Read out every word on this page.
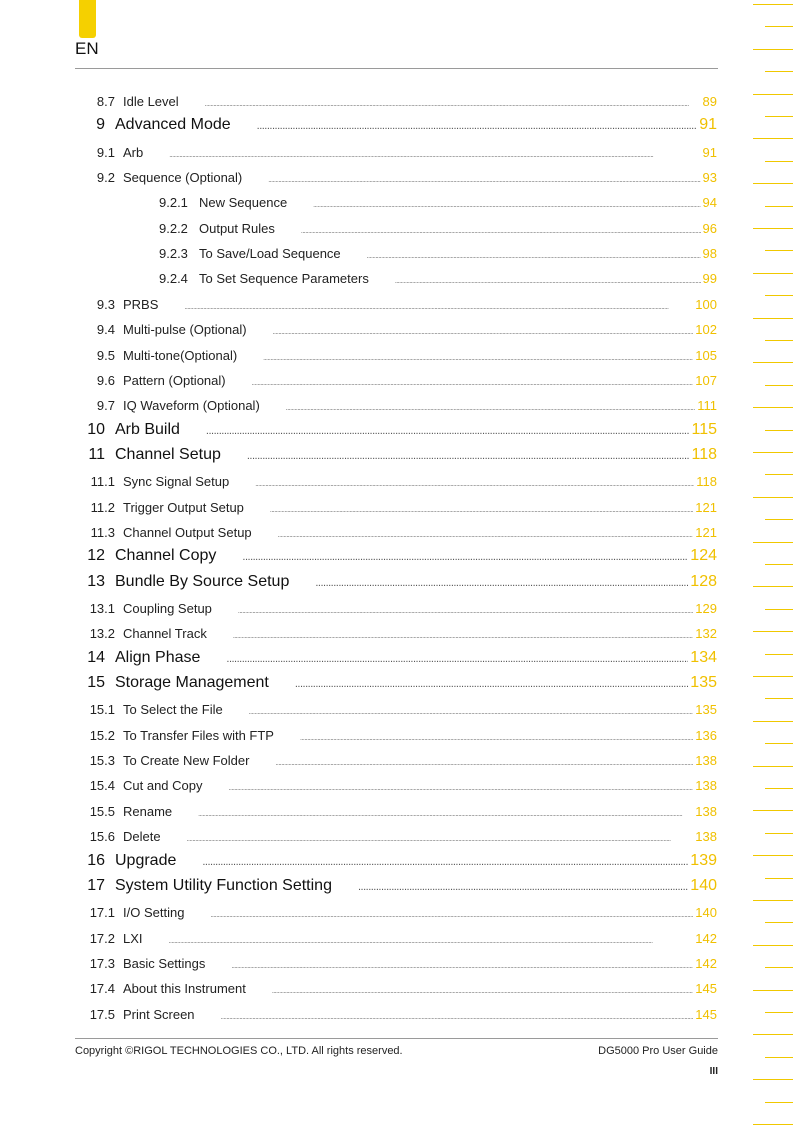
EN
8.7 Idle Level .....	89
9 Advanced Mode .....	91
9.1 Arb .....	91
9.2 Sequence (Optional) .....	93
9.2.1 New Sequence .....	94
9.2.2 Output Rules .....	96
9.2.3 To Save/Load Sequence .....	98
9.2.4 To Set Sequence Parameters .....	99
9.3 PRBS .....	100
9.4 Multi-pulse (Optional) .....	102
9.5 Multi-tone(Optional) .....	105
9.6 Pattern (Optional) .....	107
9.7 IQ Waveform (Optional) .....	111
10 Arb Build .....	115
11 Channel Setup .....	118
11.1 Sync Signal Setup .....	118
11.2 Trigger Output Setup .....	121
11.3 Channel Output Setup .....	121
12 Channel Copy .....	124
13 Bundle By Source Setup .....	128
13.1 Coupling Setup .....	129
13.2 Channel Track .....	132
14 Align Phase .....	134
15 Storage Management .....	135
15.1 To Select the File .....	135
15.2 To Transfer Files with FTP .....	136
15.3 To Create New Folder .....	138
15.4 Cut and Copy .....	138
15.5 Rename .....	138
15.6 Delete .....	138
16 Upgrade .....	139
17 System Utility Function Setting .....	140
17.1 I/O Setting .....	140
17.2 LXI .....	142
17.3 Basic Settings .....	142
17.4 About this Instrument .....	145
17.5 Print Screen .....	145
Copyright ©RIGOL TECHNOLOGIES CO., LTD. All rights reserved.	DG5000 Pro User Guide
III
